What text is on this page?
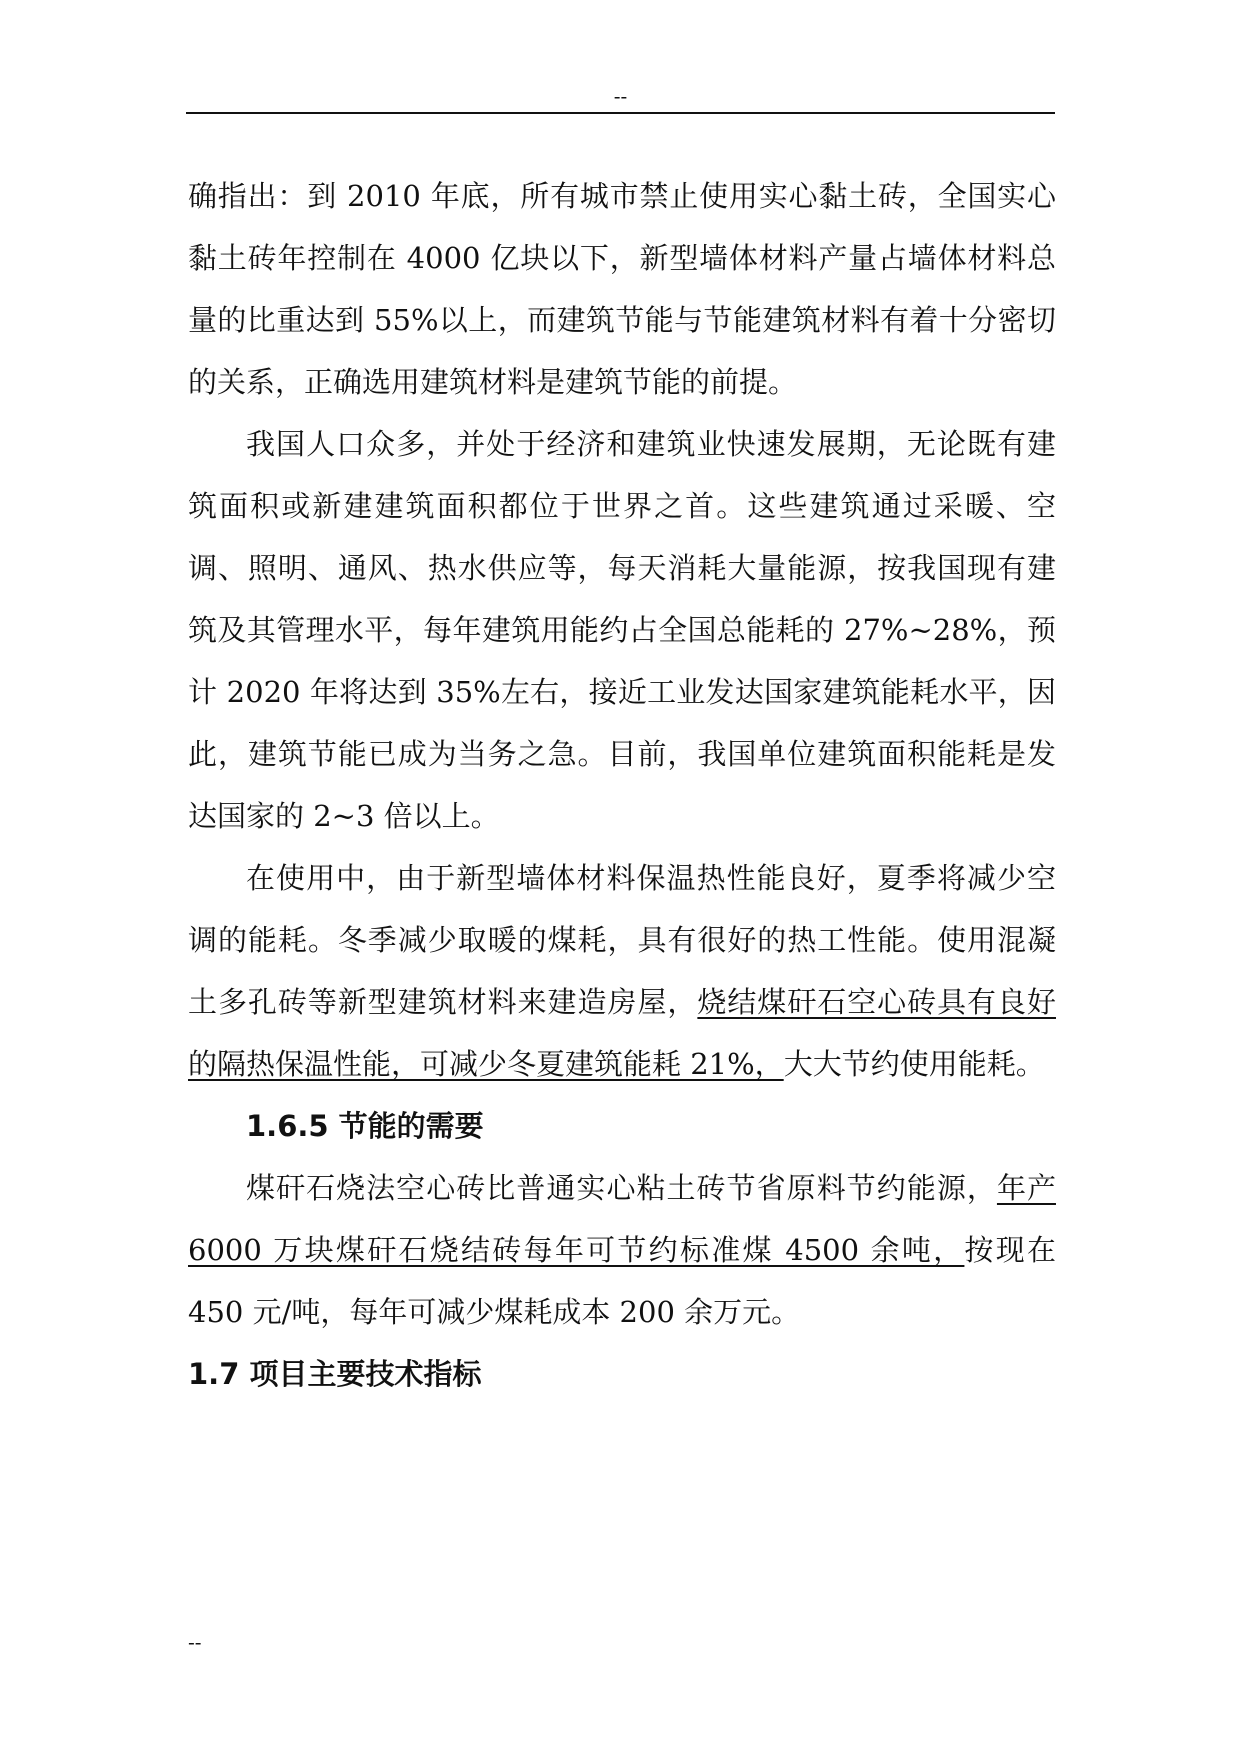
--

确指出：到 2010 年底，所有城市禁止使用实心黏土砖，全国实心黏土砖年控制在 4000 亿块以下，新型墙体材料产量占墙体材料总量的比重达到 55%以上，而建筑节能与节能建筑材料有着十分密切的关系，正确选用建筑材料是建筑节能的前提。

我国人口众多，并处于经济和建筑业快速发展期，无论既有建筑面积或新建建筑面积都位于世界之首。这些建筑通过采暖、空调、照明、通风、热水供应等，每天消耗大量能源，按我国现有建筑及其管理水平，每年建筑用能约占全国总能耗的 27%~28%，预计 2020 年将达到 35%左右，接近工业发达国家建筑能耗水平，因此，建筑节能已成为当务之急。目前，我国单位建筑面积能耗是发达国家的 2~3 倍以上。

在使用中，由于新型墙体材料保温热性能良好，夏季将减少空调的能耗。冬季减少取暖的煤耗，具有很好的热工性能。使用混凝土多孔砖等新型建筑材料来建造房屋，烧结煤矸石空心砖具有良好的隔热保温性能，可减少冬夏建筑能耗 21%，大大节约使用能耗。

1.6.5 节能的需要

煤矸石烧法空心砖比普通实心粘土砖节省原料节约能源，年产 6000 万块煤矸石烧结砖每年可节约标准煤 4500 余吨，按现在 450 元/吨，每年可减少煤耗成本 200 余万元。

1.7 项目主要技术指标
--
